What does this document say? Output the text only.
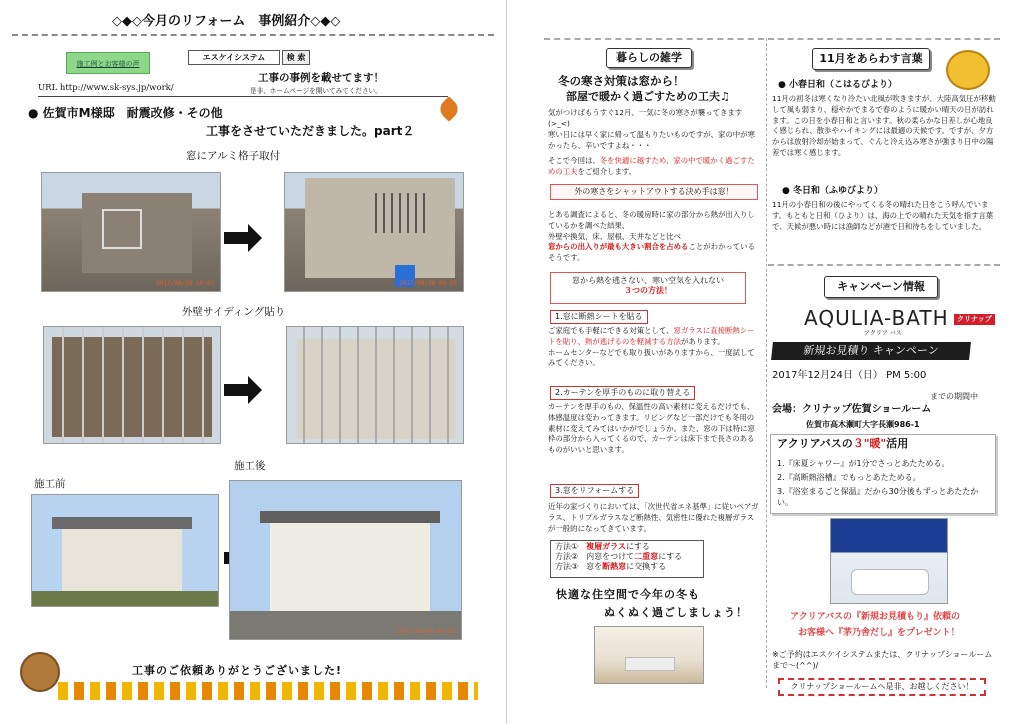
◇◆◇今月のリフォーム　事例紹介◇◆◇
施工例とお客様の声
エスケイシステム	検 索
工事の事例を載せてます！
是非、ホームページを開いてみてください。
URL http://www.sk-sys.jp/work/
● 佐賀市M様邸　耐震改修・その他
工事をさせていただきました。part２
窓にアルミ格子取付
2017/08/28 10:47	2017/09/28 09:03
外壁サイディング貼り
施工後
施工前
2017/10/05 09:16
工事のご依頼ありがとうございました!
暮らしの雑学
冬の寒さ対策は窓から！
部屋で暖かく過ごすための工夫♫
気がつけばもうすぐ12月、一気に冬の寒さが襲ってきます(>_<)
寒い日には早く家に帰って温もりたいものですが、家の中が寒かったら、辛いですよね・・・
そこで今回は、冬を快適に越すため、家の中で暖かく過ごすための工夫をご紹介します。
外の寒さをシャットアウトする決め手は窓！
とある調査によると、冬の暖房時に家の部分から熱が出入りしているかを調べた結果、
外壁や換気、床、屋根、天井などと比べ
窓からの出入りが最も大きい割合を占めることがわかっているそうです。
窓から熱を逃さない、寒い空気を入れない
３つの方法！
1.窓に断熱シートを貼る
ご家庭でも手軽にできる対策として、窓ガラスに直接断熱シートを貼り、熱が逃げるのを軽減する方法があります。
ホームセンターなどでも取り扱いがありますから、一度試してみてください。
2.カーテンを厚手のものに取り替える
カーテンを厚手のもの、保温性の高い素材に変えるだけでも、体感温度は変わってきます。リビングなど一部だけでも冬用の素材に変えてみてはいかがでしょうか。また、窓の下は特に窓枠の部分から入ってくるので、カーテンは床下まで長さのあるものがいいと思います。
3.窓をリフォームする
近年の家づくりにおいては、「次世代省エネ基準」に従いペアガラス、トリプルガラスなど断熱性、気密性に優れた複層ガラスが一般的になってきています。
方法①　 複層ガラスにする
方法②　 内窓をつけて二重窓にする
方法③　 窓を断熱窓に交換する
快適な住空間で今年の冬も
ぬくぬく過ごしましょう！
11月をあらわす言葉
● 小春日和（こはるびより）
11月の初冬は寒くなり冷たい北風が吹きますが、大陸高気圧が移動して風も弱まり、穏やかでまるで春のように暖かい晴天の日が訪れます。この日を小春日和と言います。秋の柔らかな日差しが心地良く感じられ、散歩やハイキングには最適の天候です。ですが、夕方からは放射冷却が始まって、ぐんと冷え込み寒さが強まり日中の陽差では寒く感じます。
● 冬日和（ふゆびより）
11月の小春日和の後にやってくる冬の晴れた日をこう呼んでいます。もともと日和（ひより）は、海の上での晴れた天気を指す言葉で、天候が悪い時には漁師などが港で日和待ちをしていました。
キャンペーン情報
AQULIA-BATH
アクリア バス
クリナップ
新規お見積り キャンペーン
2017年12月24日（日） PM 5:00
までの期間中
会場：クリナップ佐賀ショールーム
佐賀市高木瀬町大字長瀬986-1
アクリアバスの３"暖"活用
1.『床夏シャワー』が1分でさっとあたためる。
2.『高断熱浴槽』でもっとあたためる。
3.『浴室まるごと保温』だから30分後もずっとあたたかい。
アクリアバスの『新規お見積もり』依頼の
お客様へ『茅乃舎だし』をプレゼント！
※ご予約はエスケイシステムまたは、クリナップショールームまで～(^^)/
クリナップショールームへ是非、お越しください！
